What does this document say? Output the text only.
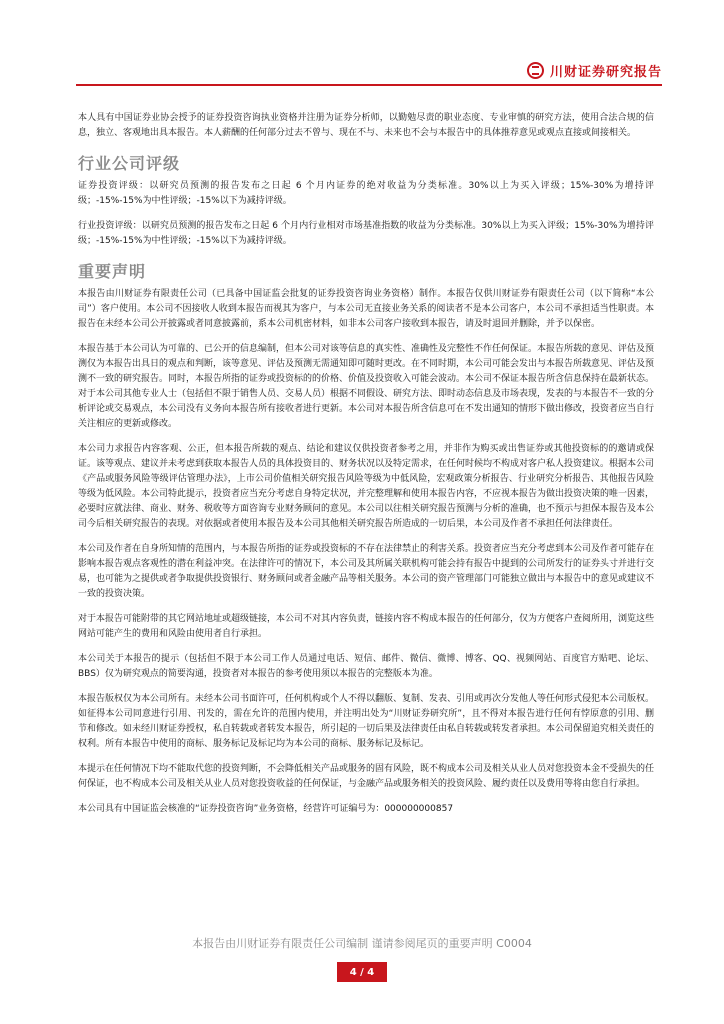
川财证券研究报告

本人具有中国证券业协会授予的证券投资咨询执业资格并注册为证券分析师，以勤勉尽责的职业态度、专业审慎的研究方法，使用合法合规的信息，独立、客观地出具本报告。本人薪酬的任何部分过去不曾与、现在不与、未来也不会与本报告中的具体推荐意见或观点直接或间接相关。

行业公司评级

证券投资评级：以研究员预测的报告发布之日起 6 个月内证券的绝对收益为分类标准。30%以上为买入评级；15%-30%为增持评级；-15%-15%为中性评级；-15%以下为减持评级。

行业投资评级：以研究员预测的报告发布之日起 6 个月内行业相对市场基准指数的收益为分类标准。30%以上为买入评级；15%-30%为增持评级；-15%-15%为中性评级；-15%以下为减持评级。

重要声明

本报告由川财证券有限责任公司（已具备中国证监会批复的证券投资咨询业务资格）制作。本报告仅供川财证券有限责任公司（以下简称“本公司”）客户使用。本公司不因接收人收到本报告而视其为客户，与本公司无直接业务关系的阅读者不是本公司客户，本公司不承担适当性职责。本报告在未经本公司公开披露或者同意披露前，系本公司机密材料，如非本公司客户接收到本报告，请及时退回并删除，并予以保密。

本报告基于本公司认为可靠的、已公开的信息编制，但本公司对该等信息的真实性、准确性及完整性不作任何保证。本报告所载的意见、评估及预测仅为本报告出具日的观点和判断，该等意见、评估及预测无需通知即可随时更改。在不同时期，本公司可能会发出与本报告所载意见、评估及预测不一致的研究报告。同时，本报告所指的证券或投资标的的价格、价值及投资收入可能会波动。本公司不保证本报告所含信息保持在最新状态。对于本公司其他专业人士（包括但不限于销售人员、交易人员）根据不同假设、研究方法、即时动态信息及市场表现，发表的与本报告不一致的分析评论或交易观点，本公司没有义务向本报告所有接收者进行更新。本公司对本报告所含信息可在不发出通知的情形下做出修改，投资者应当自行关注相应的更新或修改。

本公司力求报告内容客观、公正，但本报告所载的观点、结论和建议仅供投资者参考之用，并非作为购买或出售证券或其他投资标的的邀请或保证。该等观点、建议并未考虑到获取本报告人员的具体投资目的、财务状况以及特定需求，在任何时候均不构成对客户私人投资建议。根据本公司《产品或服务风险等级评估管理办法》，上市公司价值相关研究报告风险等级为中低风险，宏观政策分析报告、行业研究分析报告、其他报告风险等级为低风险。本公司特此提示，投资者应当充分考虑自身特定状况，并完整理解和使用本报告内容，不应视本报告为做出投资决策的唯一因素，必要时应就法律、商业、财务、税收等方面咨询专业财务顾问的意见。本公司以往相关研究报告预测与分析的准确，也不预示与担保本报告及本公司今后相关研究报告的表现。对依据或者使用本报告及本公司其他相关研究报告所造成的一切后果，本公司及作者不承担任何法律责任。

本公司及作者在自身所知情的范围内，与本报告所指的证券或投资标的不存在法律禁止的利害关系。投资者应当充分考虑到本公司及作者可能存在影响本报告观点客观性的潜在利益冲突。在法律许可的情况下，本公司及其所属关联机构可能会持有报告中提到的公司所发行的证券头寸并进行交易，也可能为之提供或者争取提供投资银行、财务顾问或者金融产品等相关服务。本公司的资产管理部门可能独立做出与本报告中的意见或建议不一致的投资决策。

对于本报告可能附带的其它网站地址或超级链接，本公司不对其内容负责，链接内容不构成本报告的任何部分，仅为方便客户查阅所用，浏览这些网站可能产生的费用和风险由使用者自行承担。

本公司关于本报告的提示（包括但不限于本公司工作人员通过电话、短信、邮件、微信、微博、博客、QQ、视频网站、百度官方贴吧、论坛、BBS）仅为研究观点的简要沟通，投资者对本报告的参考使用须以本报告的完整版本为准。

本报告版权仅为本公司所有。未经本公司书面许可，任何机构或个人不得以翻版、复制、发表、引用或再次分发他人等任何形式侵犯本公司版权。如征得本公司同意进行引用、刊发的，需在允许的范围内使用，并注明出处为“川财证券研究所”，且不得对本报告进行任何有悖原意的引用、删节和修改。如未经川财证券授权，私自转载或者转发本报告，所引起的一切后果及法律责任由私自转载或转发者承担。本公司保留追究相关责任的权利。所有本报告中使用的商标、服务标记及标记均为本公司的商标、服务标记及标记。

本提示在任何情况下均不能取代您的投资判断，不会降低相关产品或服务的固有风险，既不构成本公司及相关从业人员对您投资本金不受损失的任何保证，也不构成本公司及相关从业人员对您投资收益的任何保证，与金融产品或服务相关的投资风险、履约责任以及费用等将由您自行承担。

本公司具有中国证监会核准的“证券投资咨询”业务资格，经营许可证编号为：000000000857

本报告由川财证券有限责任公司编制 谨请参阅尾页的重要声明 C0004
4 / 4
